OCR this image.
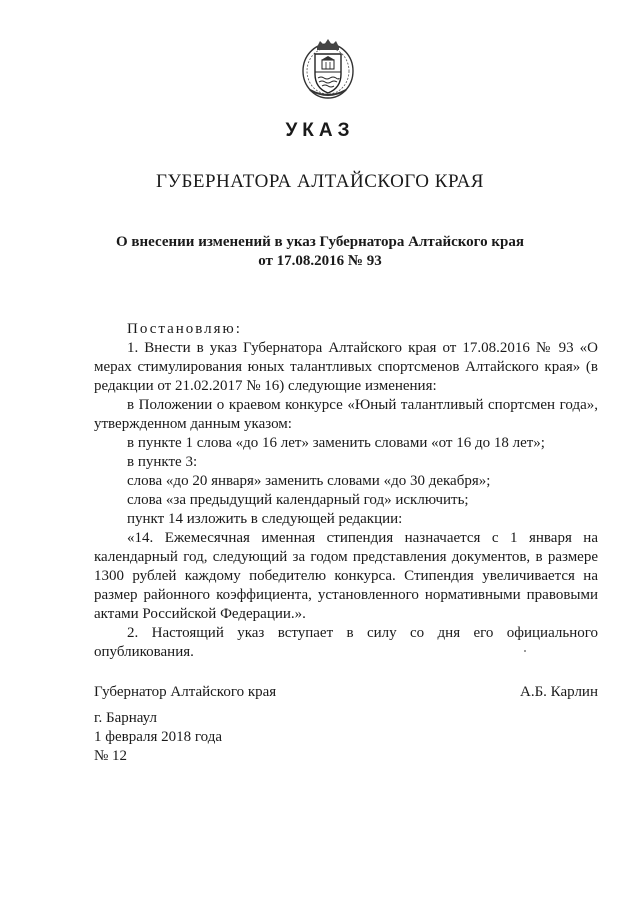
УКАЗ
ГУБЕРНАТОРА АЛТАЙСКОГО КРАЯ
О внесении изменений в указ Губернатора Алтайского края
от 17.08.2016 № 93

Постановляю:

1. Внести в указ Губернатора Алтайского края от 17.08.2016 № 93 «О мерах стимулирования юных талантливых спортсменов Алтайского края» (в редакции от 21.02.2017 № 16) следующие изменения:

в Положении о краевом конкурсе «Юный талантливый спортсмен года», утвержденном данным указом:

в пункте 1 слова «до 16 лет» заменить словами «от 16 до 18 лет»;

в пункте 3:

слова «до 20 января» заменить словами «до 30 декабря»;

слова «за предыдущий календарный год» исключить;

пункт 14 изложить в следующей редакции:

«14. Ежемесячная именная стипендия назначается с 1 января на календарный год, следующий за годом представления документов, в размере 1300 рублей каждому победителю конкурса. Стипендия увеличивается на размер районного коэффициента, установленного нормативными правовыми актами Российской Федерации.».

2. Настоящий указ вступает в силу со дня его официального опубликования.

Губернатор Алтайского края	А.Б. Карлин
г. Барнаул
1 февраля 2018 года
№ 12
